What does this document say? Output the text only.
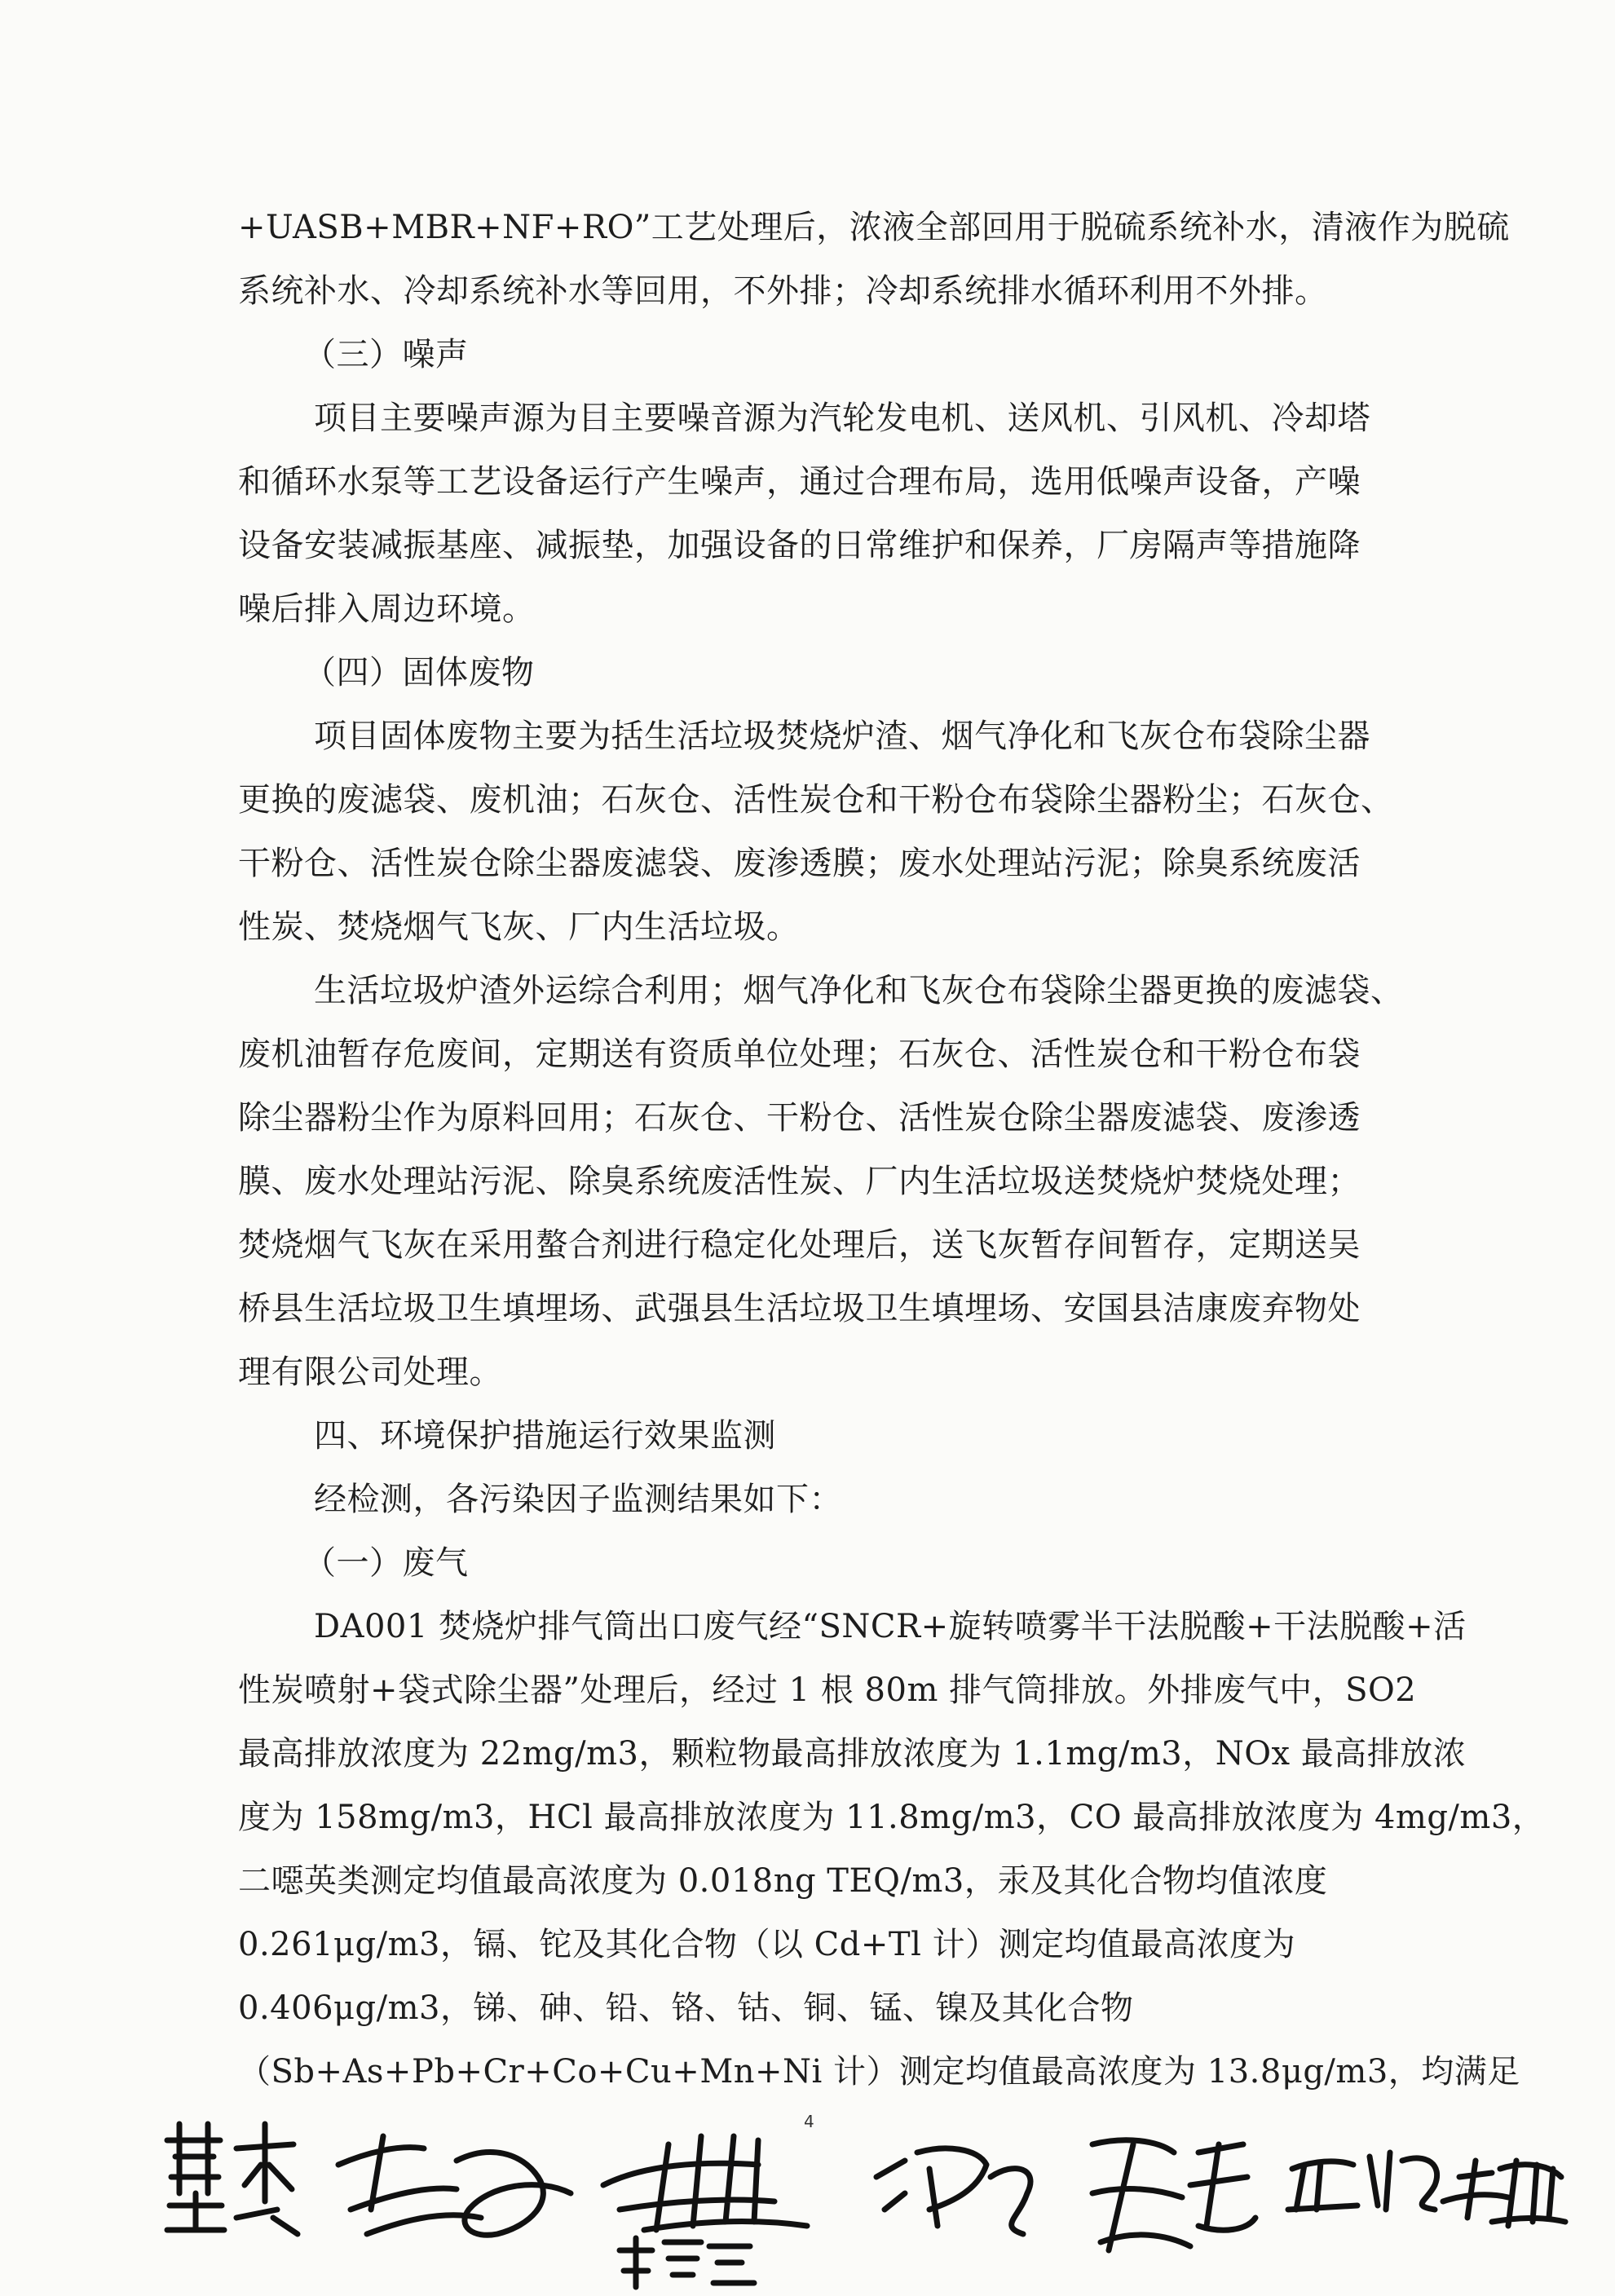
+UASB+MBR+NF+RO”工艺处理后，浓液全部回用于脱硫系统补水，清液作为脱硫
系统补水、冷却系统补水等回用，不外排；冷却系统排水循环利用不外排。
（三）噪声
项目主要噪声源为目主要噪音源为汽轮发电机、送风机、引风机、冷却塔
和循环水泵等工艺设备运行产生噪声，通过合理布局，选用低噪声设备，产噪
设备安装减振基座、减振垫，加强设备的日常维护和保养，厂房隔声等措施降
噪后排入周边环境。
（四）固体废物
项目固体废物主要为括生活垃圾焚烧炉渣、烟气净化和飞灰仓布袋除尘器
更换的废滤袋、废机油；石灰仓、活性炭仓和干粉仓布袋除尘器粉尘；石灰仓、
干粉仓、活性炭仓除尘器废滤袋、废渗透膜；废水处理站污泥；除臭系统废活
性炭、焚烧烟气飞灰、厂内生活垃圾。
生活垃圾炉渣外运综合利用；烟气净化和飞灰仓布袋除尘器更换的废滤袋、
废机油暂存危废间，定期送有资质单位处理；石灰仓、活性炭仓和干粉仓布袋
除尘器粉尘作为原料回用；石灰仓、干粉仓、活性炭仓除尘器废滤袋、废渗透
膜、废水处理站污泥、除臭系统废活性炭、厂内生活垃圾送焚烧炉焚烧处理；
焚烧烟气飞灰在采用螯合剂进行稳定化处理后，送飞灰暂存间暂存，定期送吴
桥县生活垃圾卫生填埋场、武强县生活垃圾卫生填埋场、安国县洁康废弃物处
理有限公司处理。
四、环境保护措施运行效果监测
经检测，各污染因子监测结果如下：
（一）废气
DA001 焚烧炉排气筒出口废气经“SNCR+旋转喷雾半干法脱酸+干法脱酸+活
性炭喷射+袋式除尘器”处理后，经过 1 根 80m 排气筒排放。外排废气中，SO2
最高排放浓度为 22mg/m3，颗粒物最高排放浓度为 1.1mg/m3，NOx 最高排放浓
度为 158mg/m3，HCl 最高排放浓度为 11.8mg/m3，CO 最高排放浓度为 4mg/m3，
二噁英类测定均值最高浓度为 0.018ng TEQ/m3，汞及其化合物均值浓度
0.261μg/m3，镉、铊及其化合物（以 Cd+Tl 计）测定均值最高浓度为
0.406μg/m3，锑、砷、铅、铬、钴、铜、锰、镍及其化合物
（Sb+As+Pb+Cr+Co+Cu+Mn+Ni 计）测定均值最高浓度为 13.8μg/m3，均满足
4
